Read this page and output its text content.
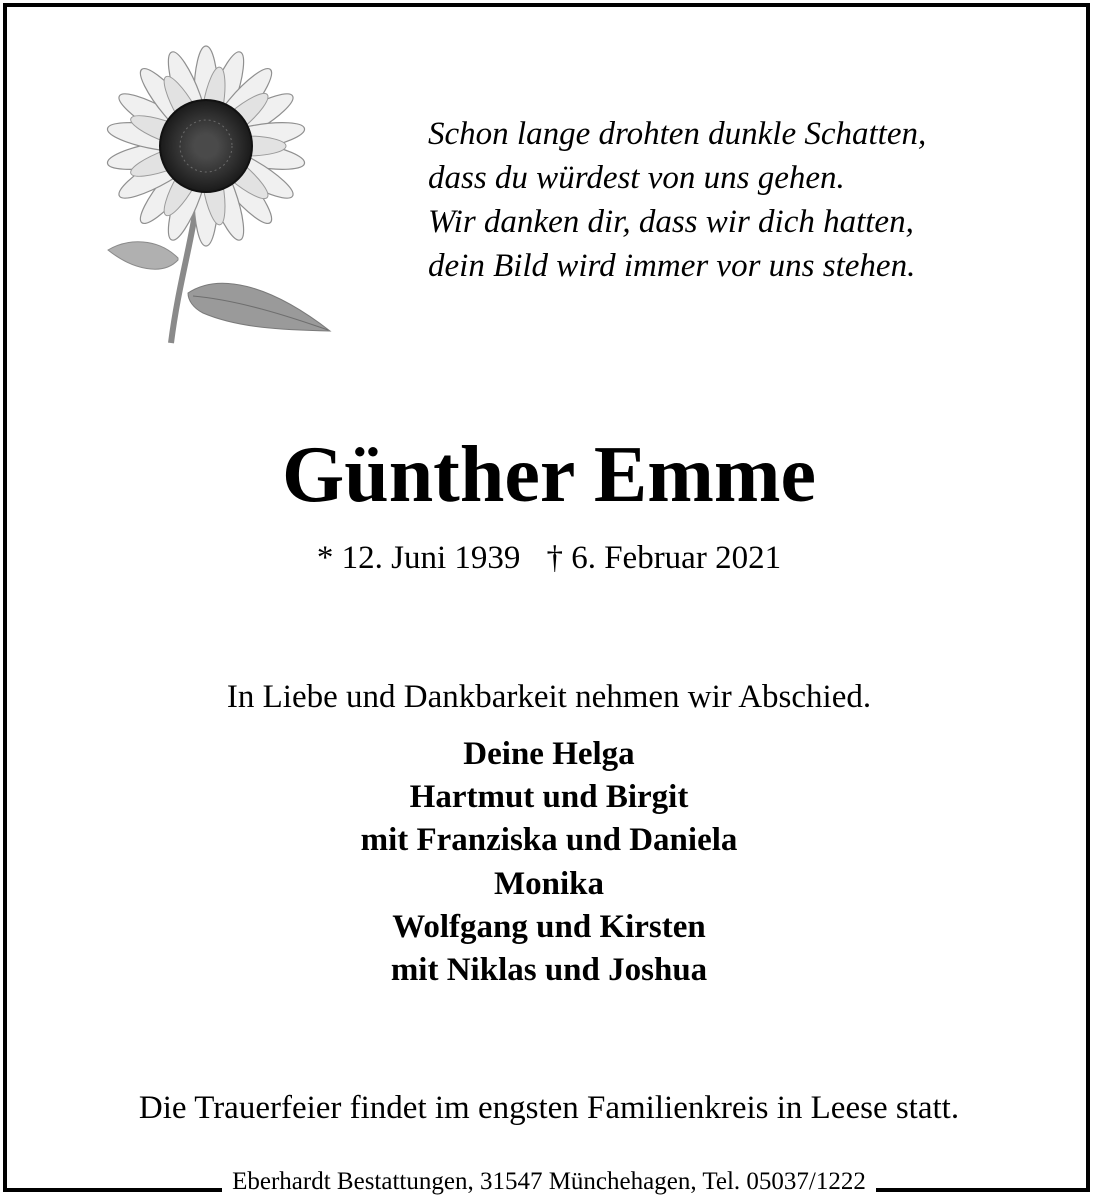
Schon lange drohten dunkle Schatten,
dass du würdest von uns gehen.
Wir danken dir, dass wir dich hatten,
dein Bild wird immer vor uns stehen.
Günther Emme
* 12. Juni 1939 † 6. Februar 2021
In Liebe und Dankbarkeit nehmen wir Abschied.
Deine Helga
Hartmut und Birgit
mit Franziska und Daniela
Monika
Wolfgang und Kirsten
mit Niklas und Joshua
Die Trauerfeier findet im engsten Familienkreis in Leese statt.
Eberhardt Bestattungen, 31547 Münchehagen, Tel. 05037/1222
